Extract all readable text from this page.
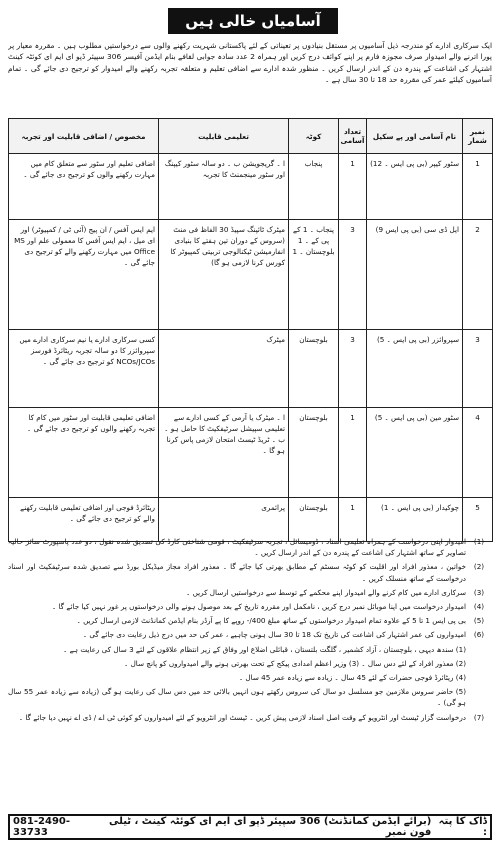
آسامیاں خالی ہیں
ایک سرکاری ادارے کو مندرجہ ذیل آسامیوں پر مستقل بنیادوں پر تعیناتی کے لئے پاکستانی شہریت رکھنے والوں سے درخواستیں مطلوب ہیں ۔ مقررہ معیار پر پورا اترنے والے امیدوار صرف مجوزہ فارم پر اپنے کوائف درج کریں اور ہمراہ 2 عدد سادہ جوابی لفافے بنام ایڈمن آفیسر 306 سپیئر ڈپو ای ایم ای کوئٹہ کینٹ اشتہار کی اشاعت کے پندرہ دن کے اندر ارسال کریں ۔ منظور شدہ ادارے سے اضافی تعلیم و متعلقہ تجربہ رکھنے والے امیدوار کو ترجیح دی جائے گی ۔ تمام آسامیوں کیلئے عمر کی مقررہ حد 18 تا 30 سال ہے ۔
نمبر شمار	نام آسامی اور پے سکیل	تعداد آسامی	کوٹہ	تعلیمی قابلیت	مخصوص / اضافی قابلیت اور تجربہ
1	سٹور کیپر (بی پی ایس ۔ 12)	1	پنجاب	ا ۔ گریجویشن ب ۔ دو سالہ سٹور کیپنگ اور سٹور مینجمنٹ کا تجربہ	اضافی تعلیم اور سٹور سے متعلق کام میں مہارت رکھنے والوں کو ترجیح دی جائے گی ۔
2	ایل ڈی سی (بی پی ایس 9)	3	پنجاب ۔ 1 کے پی کے ۔ 1 بلوچستان ۔ 1	میٹرک ٹائپنگ سپیڈ 30 الفاظ فی منٹ (سروس کے دوران تین ہفتے کا بنیادی انفارمیشن ٹیکنالوجی تربیتی کمپیوٹر کا کورس کرنا لازمی ہو گا)	ایم ایس آفس / ان پیج (آئی ٹی / کمپیوٹر) اور ای میل ، ایم ایس آفس کا معمولی علم اور MS Office میں مہارت رکھنے والے کو ترجیح دی جائے گی ۔
3	سپروائزر (بی پی ایس ۔ 5)	3	بلوچستان	میٹرک	کسی سرکاری ادارے یا نیم سرکاری ادارے میں سپروائزر کا دو سالہ تجربہ ریٹائرڈ فورسز NCOs/JCOs کو ترجیح دی جائے گی ۔
4	سٹور مین (بی پی ایس ۔ 5)	1	بلوچستان	ا ۔ میٹرک یا آرمی کے کسی ادارے سے تعلیمی سپیشل سرٹیفکیٹ کا حامل ہو ۔ ب ۔ ٹریڈ ٹیسٹ امتحان لازمی پاس کرنا ہو گا ۔	اضافی تعلیمی قابلیت اور سٹور میں کام کا تجربہ رکھنے والوں کو ترجیح دی جائے گی ۔
5	چوکیدار (بی پی ایس ۔ 1)	1	بلوچستان	پرائمری	ریٹائرڈ فوجی اور اضافی تعلیمی قابلیت رکھنے والے کو ترجیح دی جائے گی ۔
(1)
امیدوار اپنی درخواست کے ہمراہ تعلیمی اسناد ، ڈومیسائل ، تجربہ سرٹیفکیٹ ، قومی شناختی کارڈ کی تصدیق شدہ نقول ، دو عدد پاسپورٹ سائز حالیہ تصاویر کے ساتھ اشتہار کی اشاعت کے پندرہ دن کے اندر ارسال کریں ۔
(2)
خواتین ، معذور افراد اور اقلیت کو کوٹہ سسٹم کے مطابق بھرتی کیا جائے گا ۔ معذور افراد مجاز میڈیکل بورڈ سے تصدیق شدہ سرٹیفکیٹ اور اسناد درخواست کے ساتھ منسلک کریں ۔
(3)
سرکاری ادارے میں کام کرنے والے امیدوار اپنے محکمے کے توسط سے درخواستیں ارسال کریں ۔
(4)
امیدوار درخواست میں اپنا موبائل نمبر درج کریں ، نامکمل اور مقررہ تاریخ کے بعد موصول ہونے والی درخواستوں پر غور نہیں کیا جائے گا ۔
(5)
بی پی ایس 1 تا 5 کے علاوہ تمام امیدوار درخواستوں کے ساتھ مبلغ 400/- روپے کا پے آرڈر بنام ایڈمن کمانڈنٹ لازمی ارسال کریں ۔
(6)
امیدواروں کی عمر اشتہار کی اشاعت کی تاریخ تک 18 تا 30 سال ہونی چاہیے ، عمر کی حد میں درج ذیل رعایت دی جائے گی ۔
(1) سندھ دیہی ، بلوچستان ، آزاد کشمیر ، گلگت بلتستان ، قبائلی اضلاع اور وفاق کے زیر انتظام علاقوں کے لئے 3 سال کی رعایت ہے ۔
(2) معذور افراد کے لئے دس سال ۔ (3) وزیر اعظم امدادی پیکج کے تحت بھرتی ہونے والے امیدواروں کو پانچ سال ۔
(4) ریٹائرڈ فوجی حضرات کے لئے 45 سال ۔ زیادہ سے زیادہ عمر 45 سال ۔
(5) حاضر سروس ملازمین جو مسلسل دو سال کی سروس رکھتے ہوں انہیں بالائی حد میں دس سال کی رعایت ہو گی (زیادہ سے زیادہ عمر 55 سال ہو گی) ۔
(7)
درخواست گزار ٹیسٹ اور انٹرویو کے وقت اصل اسناد لازمی پیش کریں ۔ ٹیسٹ اور انٹرویو کے لئے امیدواروں کو کوئی ٹی اے / ڈی اے نہیں دیا جائے گا ۔
ڈاک کا پتہ :
(برائے ایڈمن کمانڈنٹ) 306 سپیئر ڈپو ای ایم ای کوئٹہ کینٹ ، ٹیلی فون نمبر
081-2490-33733
